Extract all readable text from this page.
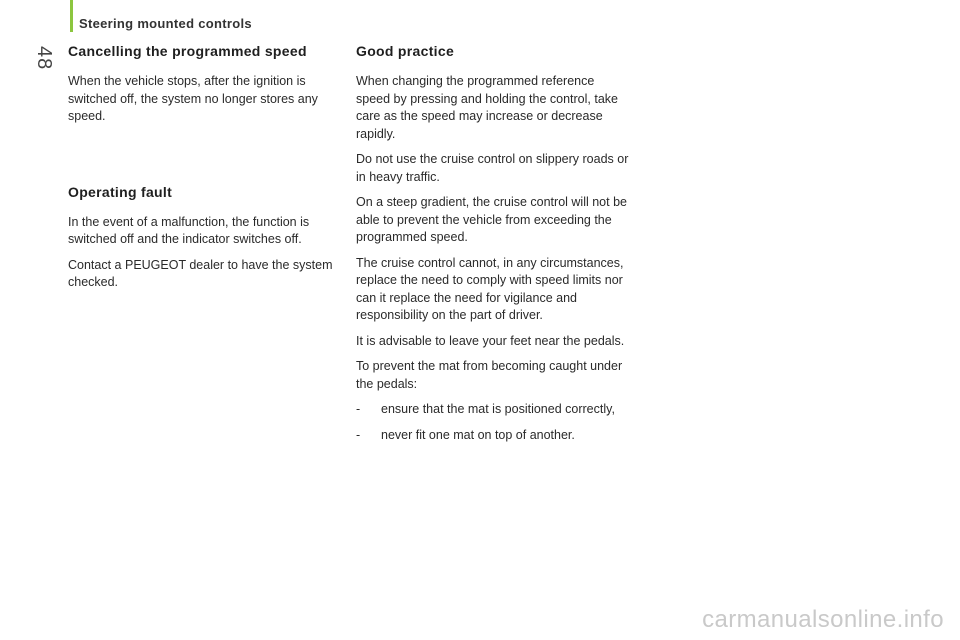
Steering mounted controls
48 Cancelling the programmed speed

When the vehicle stops, after the ignition is switched off, the system no longer stores any speed.

Operating fault

In the event of a malfunction, the function is switched off and the indicator switches off.

Contact a PEUGEOT dealer to have the system checked.

Good practice

When changing the programmed reference speed by pressing and holding the control, take care as the speed may increase or decrease rapidly.

Do not use the cruise control on slippery roads or in heavy traffic.

On a steep gradient, the cruise control will not be able to prevent the vehicle from exceeding the programmed speed.

The cruise control cannot, in any circumstances, replace the need to comply with speed limits nor can it replace the need for vigilance and responsibility on the part of driver.

It is advisable to leave your feet near the pedals.

To prevent the mat from becoming caught under the pedals:

-	ensure that the mat is positioned correctly,
-	never fit one mat on top of another.
carmanualsonline.info
